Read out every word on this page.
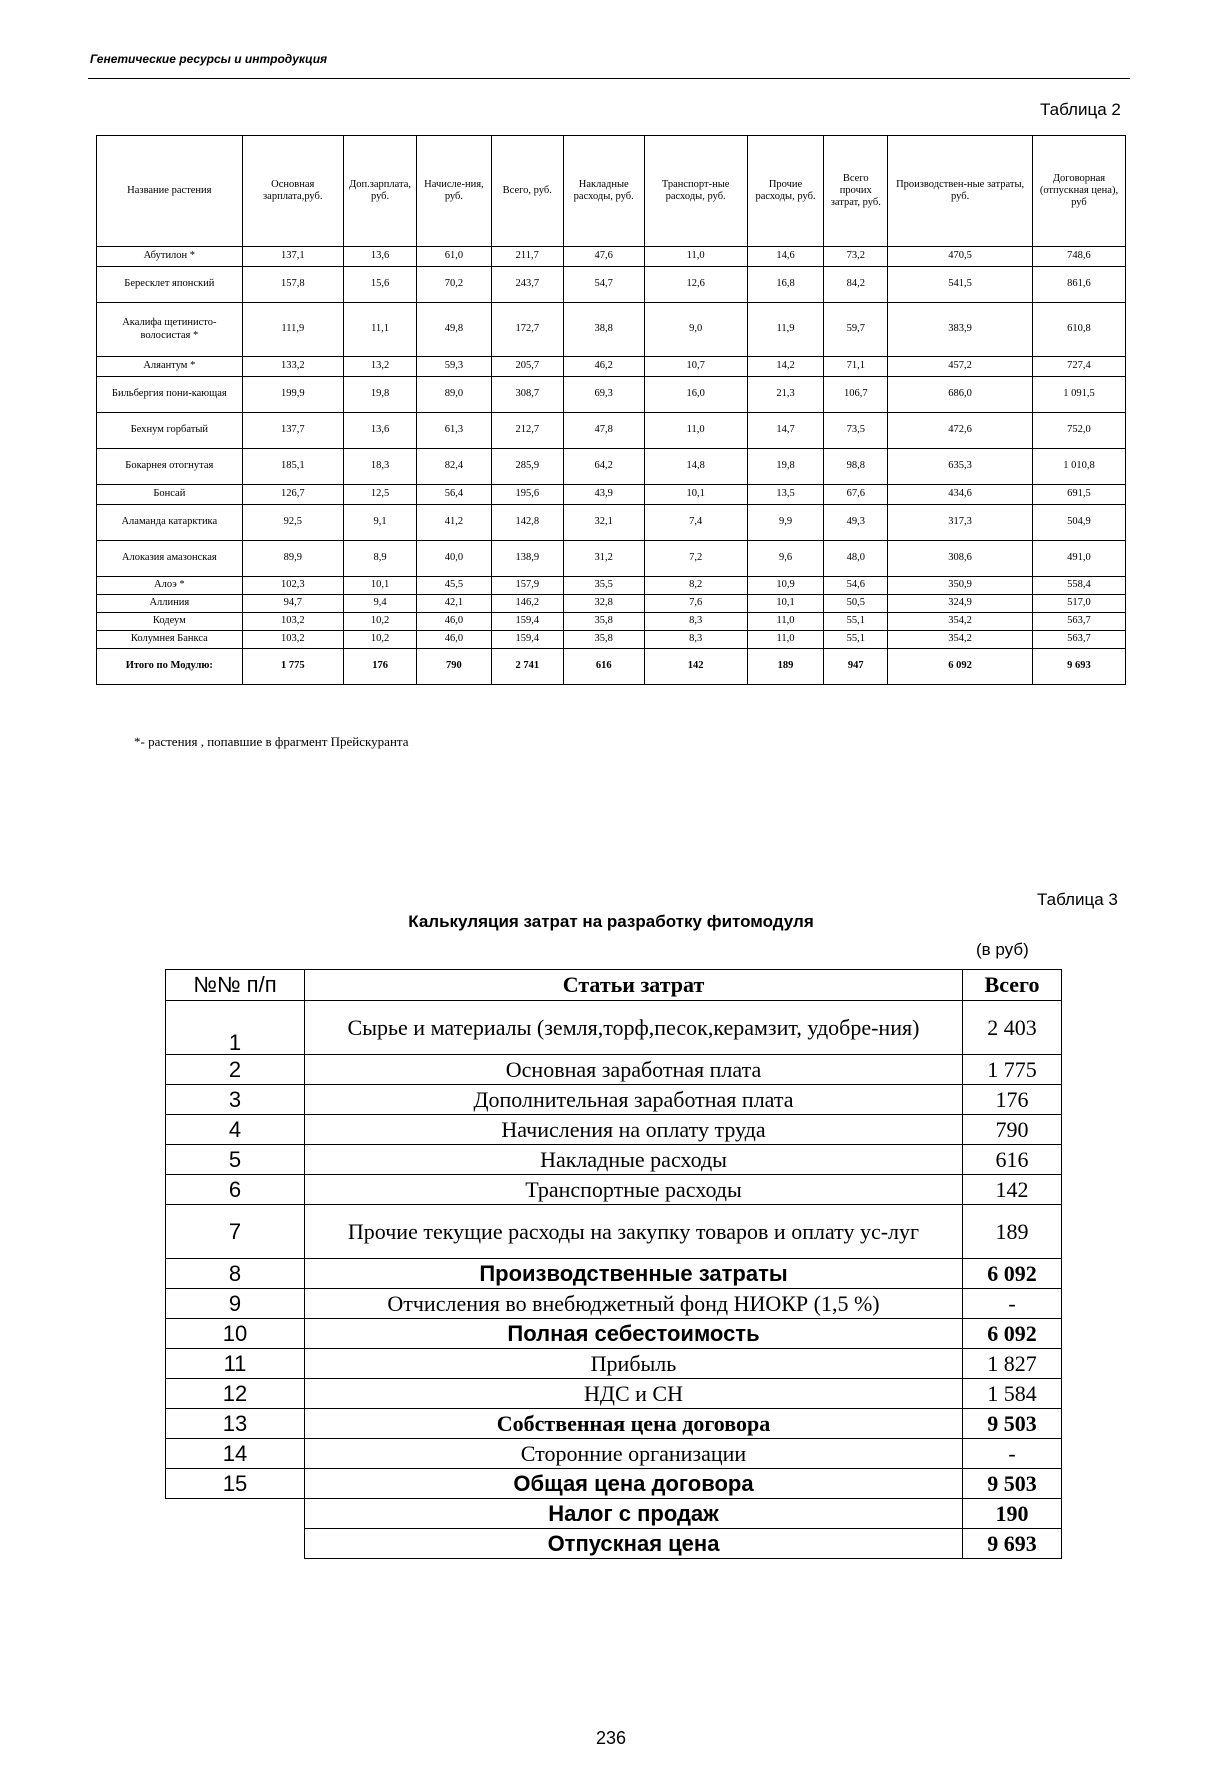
Генетические ресурсы и интродукция
Таблица 2
Название растения	Основная зарплата,руб.	Доп.зарплата, руб.	Начисле-ния, руб.	Всего, руб.	Накладные расходы, руб.	Транспорт-ные расходы, руб.	Прочие расходы, руб.	Всего прочих затрат, руб.	Производствен-ные затраты, руб.	Договорная (отпускная цена), руб
Абутилон *	137,1	13,6	61,0	211,7	47,6	11,0	14,6	73,2	470,5	748,6
Бересклет японский	157,8	15,6	70,2	243,7	54,7	12,6	16,8	84,2	541,5	861,6
Акалифа щетинисто-волосистая *	111,9	11,1	49,8	172,7	38,8	9,0	11,9	59,7	383,9	610,8
Аляантум *	133,2	13,2	59,3	205,7	46,2	10,7	14,2	71,1	457,2	727,4
Бильбергия пони-кающая	199,9	19,8	89,0	308,7	69,3	16,0	21,3	106,7	686,0	1 091,5
Бехнум горбатый	137,7	13,6	61,3	212,7	47,8	11,0	14,7	73,5	472,6	752,0
Бокарнея отогнутая	185,1	18,3	82,4	285,9	64,2	14,8	19,8	98,8	635,3	1 010,8
Бонсай	126,7	12,5	56,4	195,6	43,9	10,1	13,5	67,6	434,6	691,5
Аламанда катарктика	92,5	9,1	41,2	142,8	32,1	7,4	9,9	49,3	317,3	504,9
Алоказия амазонская	89,9	8,9	40,0	138,9	31,2	7,2	9,6	48,0	308,6	491,0
Алоэ *	102,3	10,1	45,5	157,9	35,5	8,2	10,9	54,6	350,9	558,4
Аллиния	94,7	9,4	42,1	146,2	32,8	7,6	10,1	50,5	324,9	517,0
Кодеум	103,2	10,2	46,0	159,4	35,8	8,3	11,0	55,1	354,2	563,7
Колумнея Банкса	103,2	10,2	46,0	159,4	35,8	8,3	11,0	55,1	354,2	563,7
Итого по Модулю:	1 775	176	790	2 741	616	142	189	947	6 092	9 693
*- растения , попавшие в фрагмент Прейскуранта
Таблица 3
Калькуляция затрат на разработку фитомодуля
(в руб)
№№ п/п	Статьи затрат	Всего
1	Сырье и материалы (земля,торф,песок,керамзит, удобре-ния)	2 403
2	Основная заработная плата	1 775
3	Дополнительная заработная плата	176
4	Начисления на оплату труда	790
5	Накладные расходы	616
6	Транспортные расходы	142
7	Прочие текущие расходы на закупку товаров и оплату ус-луг	189
8	Производственные затраты	6 092
9	Отчисления во внебюджетный фонд НИОКР (1,5 %)	-
10	Полная себестоимость	6 092
11	Прибыль	1 827
12	НДС и СН	1 584
13	Собственная цена договора	9 503
14	Сторонние организации	-
15	Общая цена договора	9 503
	Налог с продаж	190
	Отпускная цена	9 693
236
